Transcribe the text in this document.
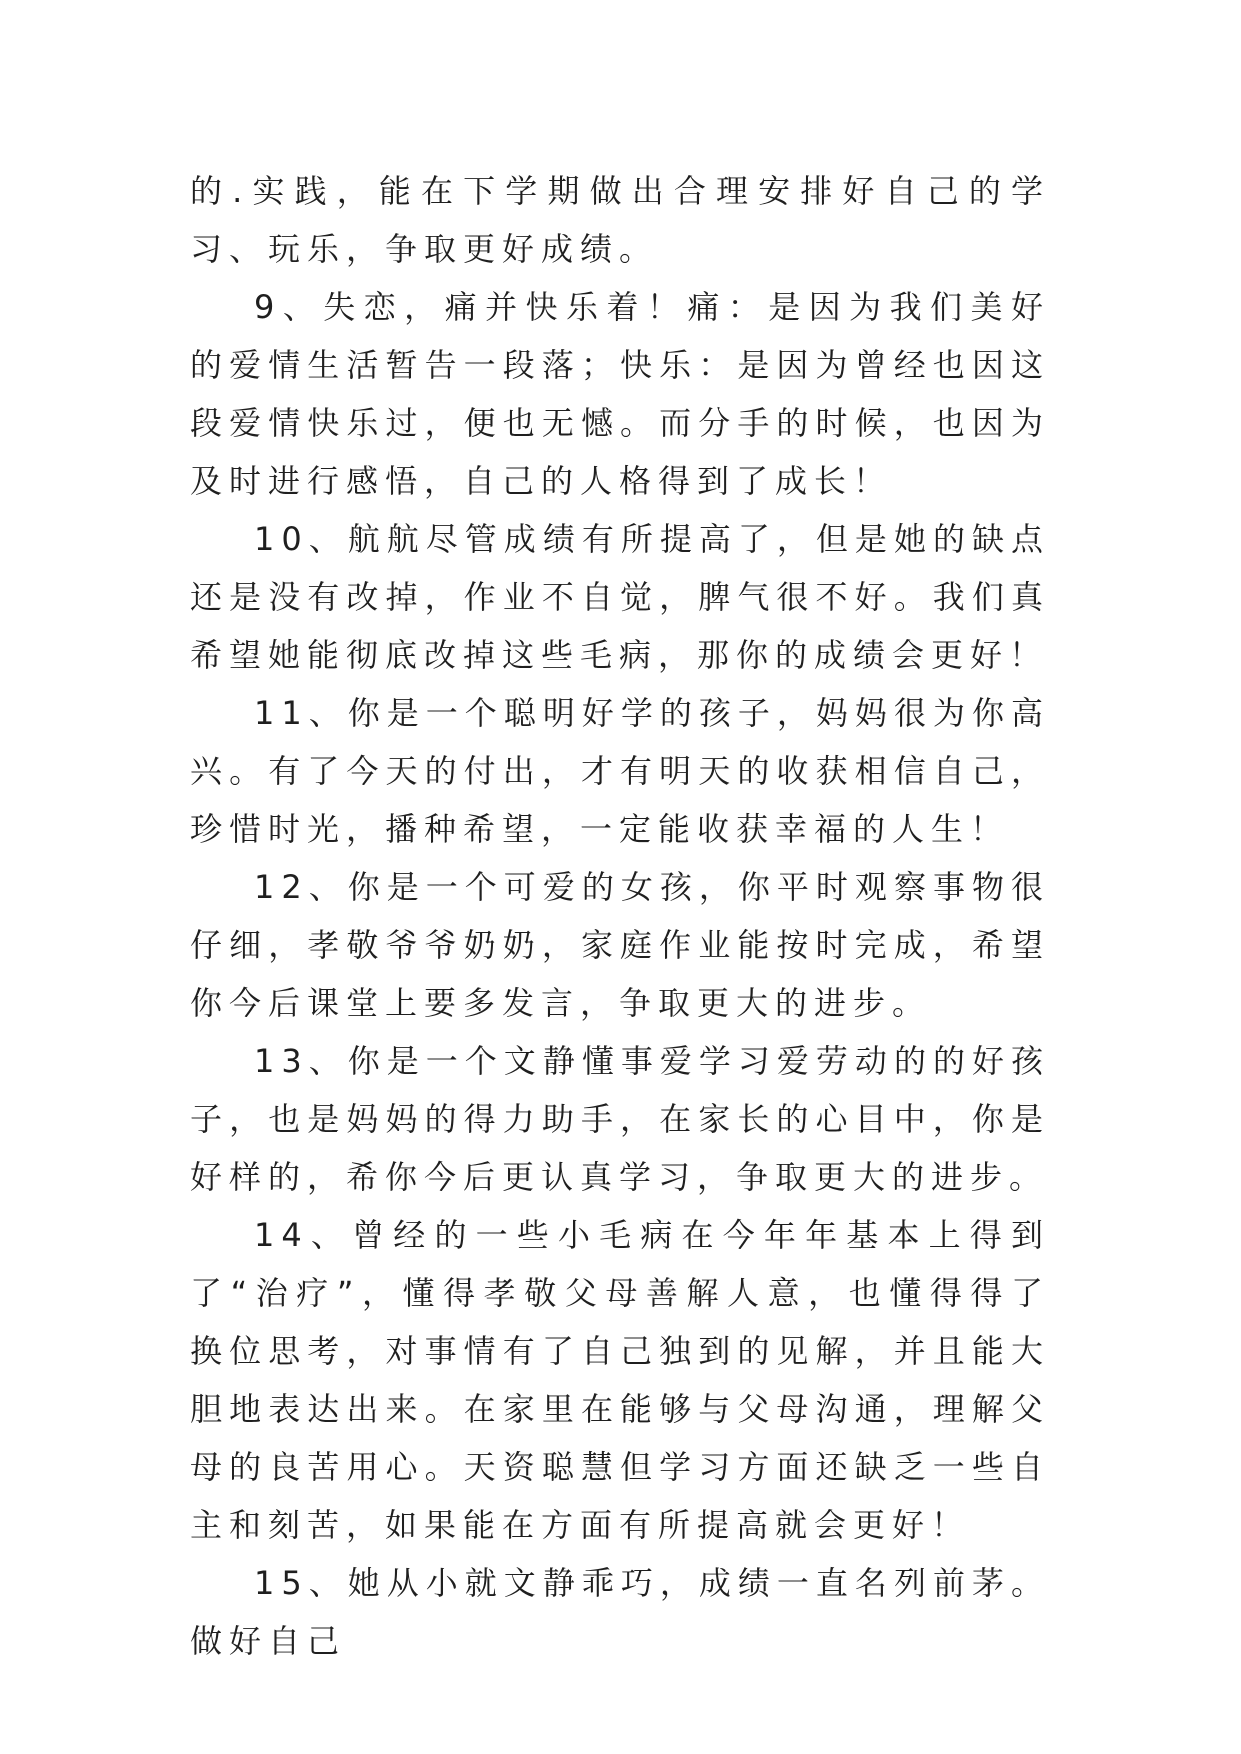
的.实践，能在下学期做出合理安排好自己的学习、玩乐，争取更好成绩。

9、失恋，痛并快乐着！痛：是因为我们美好的爱情生活暂告一段落；快乐：是因为曾经也因这段爱情快乐过，便也无憾。而分手的时候，也因为及时进行感悟，自己的人格得到了成长！

10、航航尽管成绩有所提高了，但是她的缺点还是没有改掉，作业不自觉，脾气很不好。我们真希望她能彻底改掉这些毛病，那你的成绩会更好！

11、你是一个聪明好学的孩子，妈妈很为你高兴。有了今天的付出，才有明天的收获相信自己，珍惜时光，播种希望，一定能收获幸福的人生！

12、你是一个可爱的女孩，你平时观察事物很仔细，孝敬爷爷奶奶，家庭作业能按时完成，希望你今后课堂上要多发言，争取更大的进步。

13、你是一个文静懂事爱学习爱劳动的的好孩子，也是妈妈的得力助手，在家长的心目中，你是好样的，希你今后更认真学习，争取更大的进步。

14、曾经的一些小毛病在今年年基本上得到了“治疗”，懂得孝敬父母善解人意，也懂得得了换位思考，对事情有了自己独到的见解，并且能大胆地表达出来。在家里在能够与父母沟通，理解父母的良苦用心。天资聪慧但学习方面还缺乏一些自主和刻苦，如果能在方面有所提高就会更好！

15、她从小就文静乖巧，成绩一直名列前茅。做好自己
